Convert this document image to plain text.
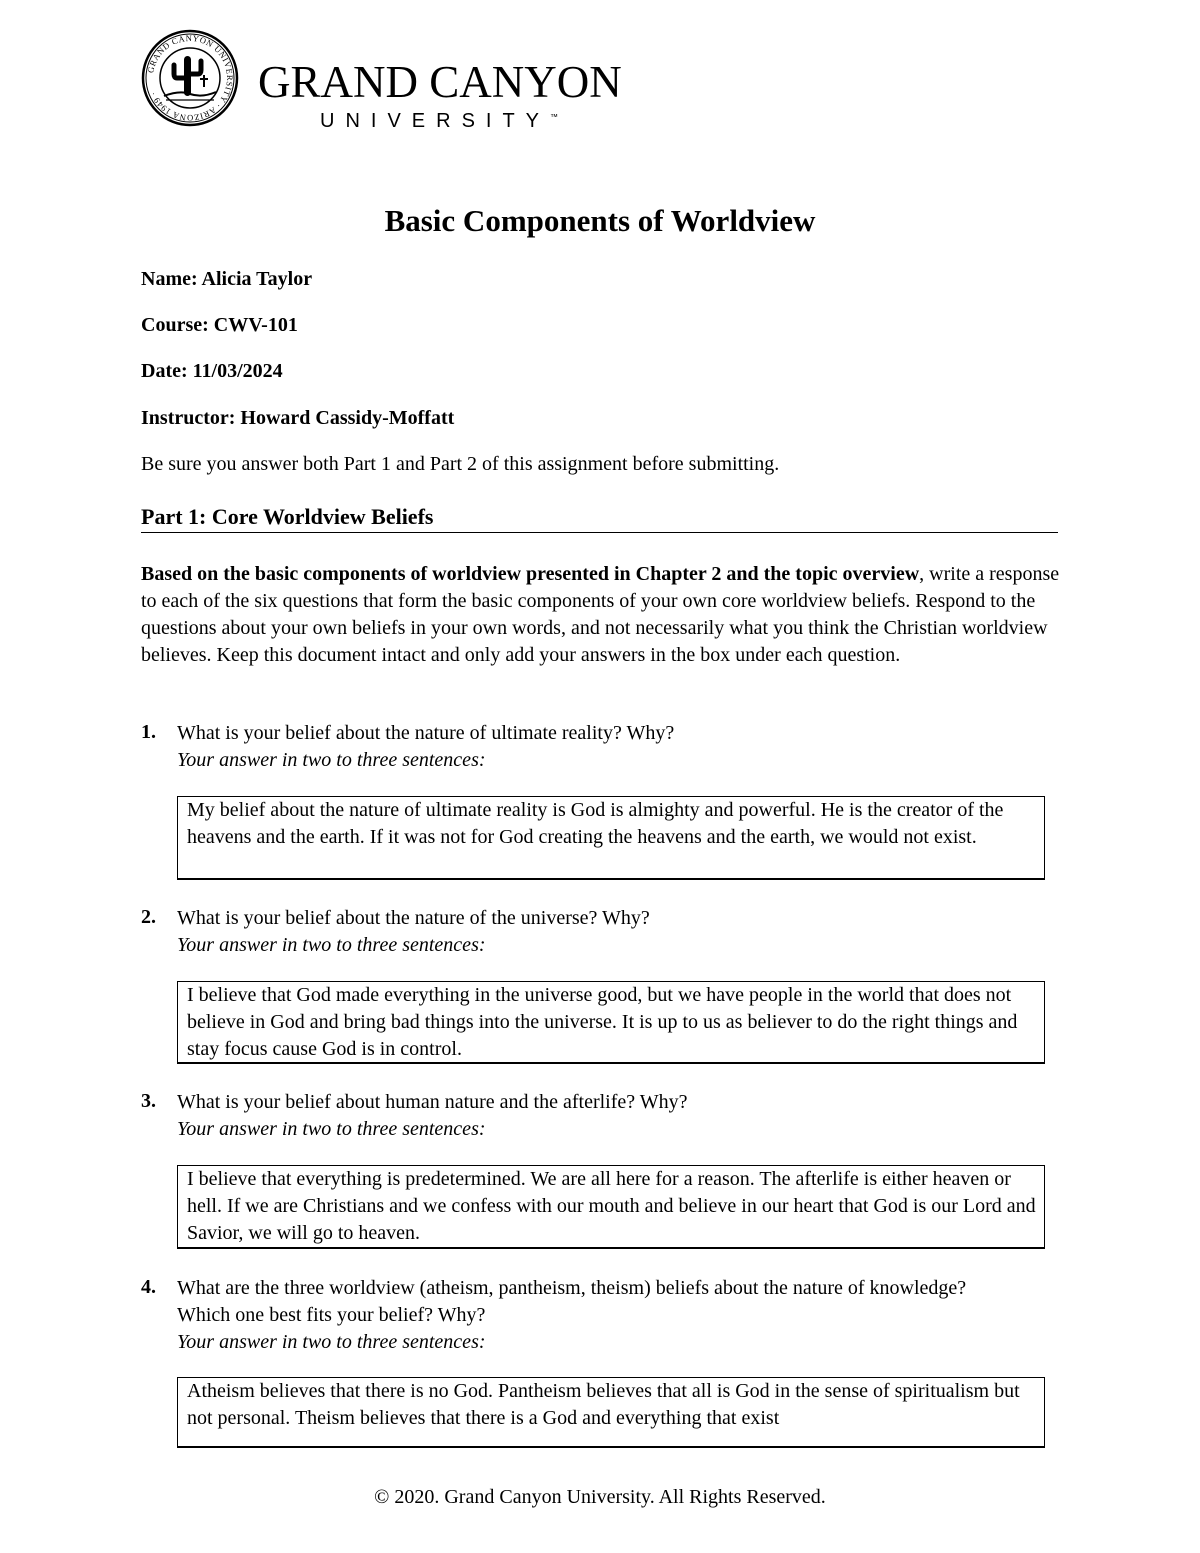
GRAND CANYON UNIVERSITY · ARIZONA 1949 ·	GRAND CANYON
UNIVERSITY™
Basic Components of Worldview
Name: Alicia Taylor
Course: CWV-101
Date: 11/03/2024
Instructor: Howard Cassidy-Moffatt
Be sure you answer both Part 1 and Part 2 of this assignment before submitting.
Part 1: Core Worldview Beliefs
Based on the basic components of worldview presented in Chapter 2 and the topic overview, write a response to each of the six questions that form the basic components of your own core worldview beliefs. Respond to the questions about your own beliefs in your own words, and not necessarily what you think the Christian worldview believes. Keep this document intact and only add your answers in the box under each question.
1. What is your belief about the nature of ultimate reality? Why?
Your answer in two to three sentences:
My belief about the nature of ultimate reality is God is almighty and powerful. He is the creator of the heavens and the earth. If it was not for God creating the heavens and the earth, we would not exist.
2. What is your belief about the nature of the universe? Why?
Your answer in two to three sentences:
I believe that God made everything in the universe good, but we have people in the world that does not believe in God and bring bad things into the universe. It is up to us as believer to do the right things and stay focus cause God is in control.
3. What is your belief about human nature and the afterlife? Why?
Your answer in two to three sentences:
I believe that everything is predetermined. We are all here for a reason. The afterlife is either heaven or hell. If we are Christians and we confess with our mouth and believe in our heart that God is our Lord and Savior, we will go to heaven.
4. What are the three worldview (atheism, pantheism, theism) beliefs about the nature of knowledge? Which one best fits your belief? Why?
Your answer in two to three sentences:
Atheism believes that there is no God. Pantheism believes that all is God in the sense of spiritualism but not personal. Theism believes that there is a God and everything that exist
© 2020. Grand Canyon University. All Rights Reserved.
